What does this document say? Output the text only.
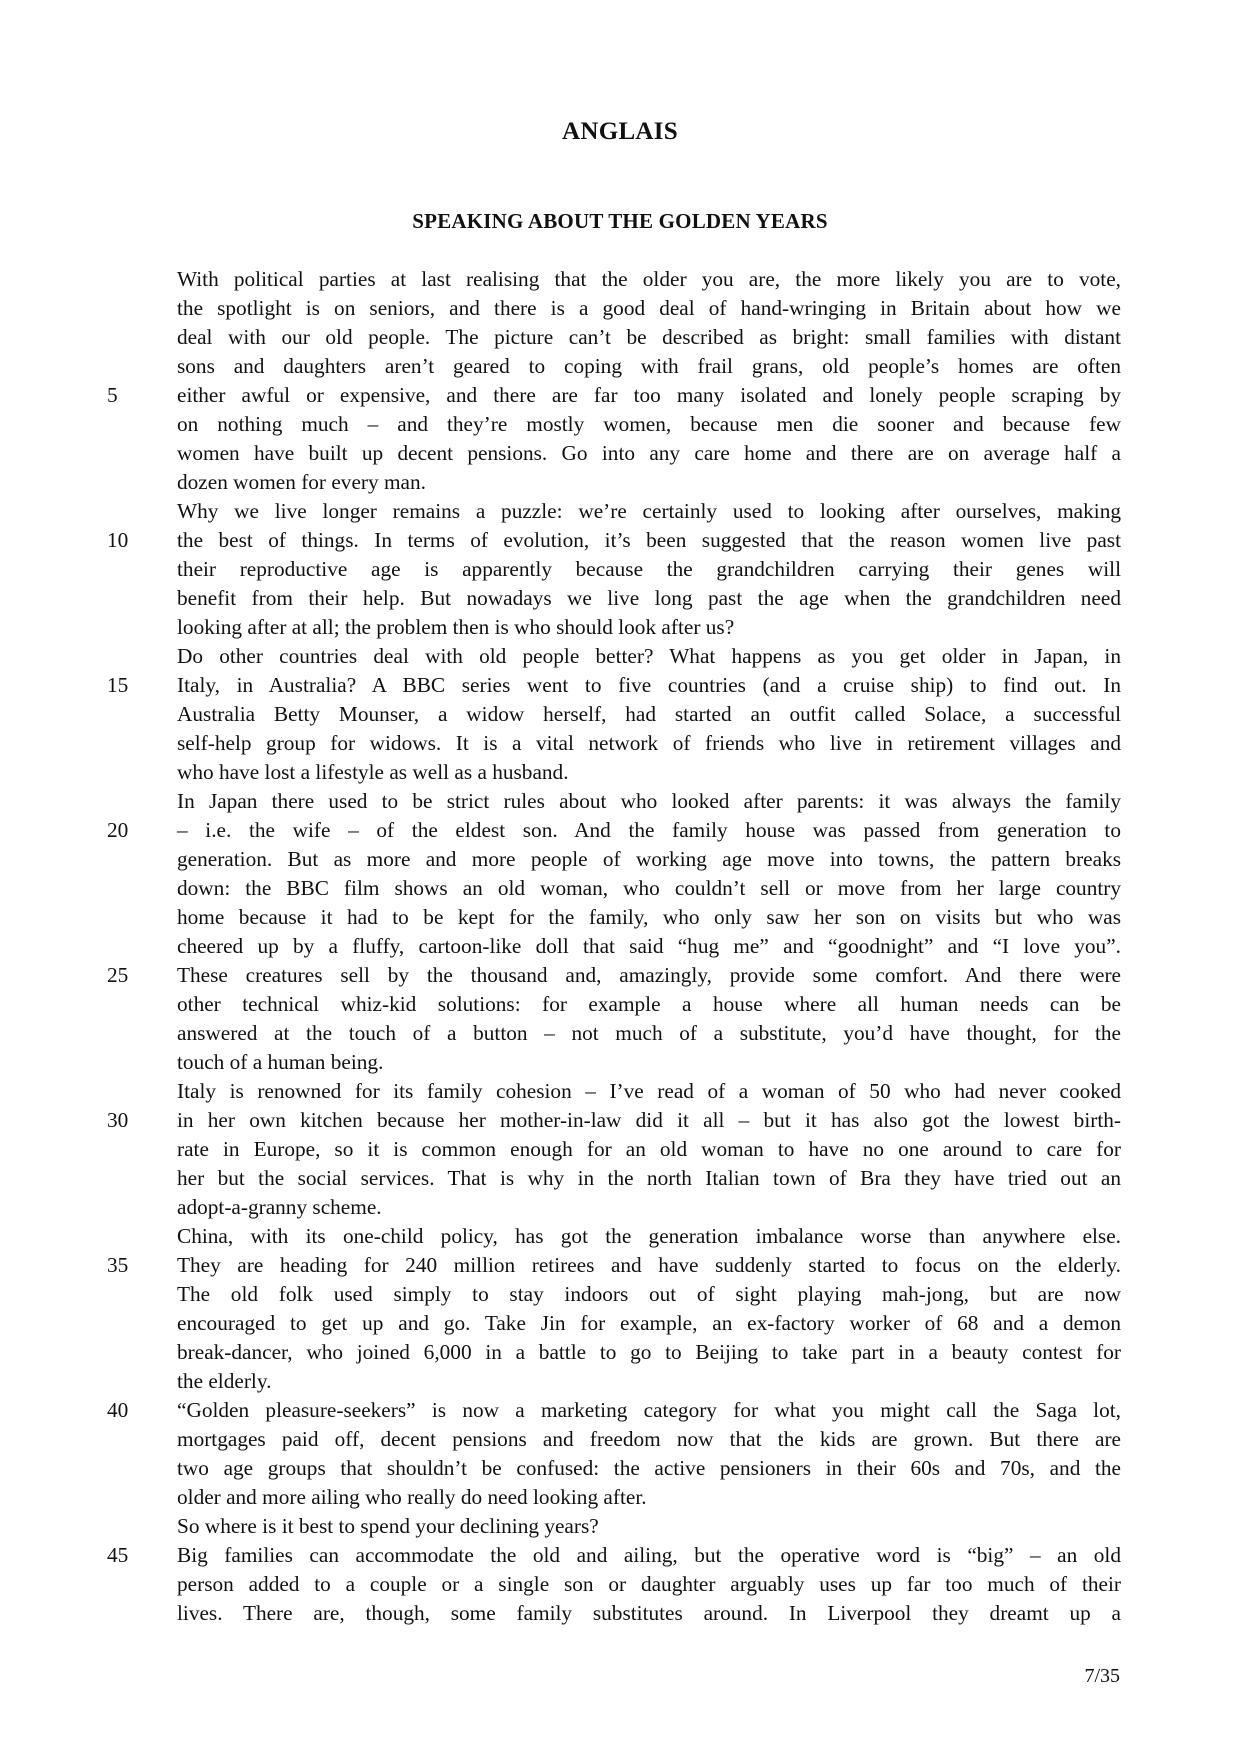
ANGLAIS
SPEAKING ABOUT THE GOLDEN YEARS
With political parties at last realising that the older you are, the more likely you are to vote,
the spotlight is on seniors, and there is a good deal of hand-wringing in Britain about how we
deal with our old people. The picture can’t be described as bright: small families with distant
sons and daughters aren’t geared to coping with frail grans, old people’s homes are often
5	either awful or expensive, and there are far too many isolated and lonely people scraping by
on nothing much – and they’re mostly women, because men die sooner and because few
women have built up decent pensions. Go into any care home and there are on average half a
dozen women for every man.
Why we live longer remains a puzzle: we’re certainly used to looking after ourselves, making
10	the best of things. In terms of evolution, it’s been suggested that the reason women live past
their reproductive age is apparently because the grandchildren carrying their genes will
benefit from their help. But nowadays we live long past the age when the grandchildren need
looking after at all; the problem then is who should look after us?
Do other countries deal with old people better? What happens as you get older in Japan, in
15	Italy, in Australia? A BBC series went to five countries (and a cruise ship) to find out. In
Australia Betty Mounser, a widow herself, had started an outfit called Solace, a successful
self-help group for widows. It is a vital network of friends who live in retirement villages and
who have lost a lifestyle as well as a husband.
In Japan there used to be strict rules about who looked after parents: it was always the family
20	– i.e. the wife – of the eldest son. And the family house was passed from generation to
generation. But as more and more people of working age move into towns, the pattern breaks
down: the BBC film shows an old woman, who couldn’t sell or move from her large country
home because it had to be kept for the family, who only saw her son on visits but who was
cheered up by a fluffy, cartoon-like doll that said “hug me” and “goodnight” and “I love you”.
25	These creatures sell by the thousand and, amazingly, provide some comfort. And there were
other technical whiz-kid solutions: for example a house where all human needs can be
answered at the touch of a button – not much of a substitute, you’d have thought, for the
touch of a human being.
Italy is renowned for its family cohesion – I’ve read of a woman of 50 who had never cooked
30	in her own kitchen because her mother-in-law did it all – but it has also got the lowest birth-
rate in Europe, so it is common enough for an old woman to have no one around to care for
her but the social services. That is why in the north Italian town of Bra they have tried out an
adopt-a-granny scheme.
China, with its one-child policy, has got the generation imbalance worse than anywhere else.
35	They are heading for 240 million retirees and have suddenly started to focus on the elderly.
The old folk used simply to stay indoors out of sight playing mah-jong, but are now
encouraged to get up and go. Take Jin for example, an ex-factory worker of 68 and a demon
break-dancer, who joined 6,000 in a battle to go to Beijing to take part in a beauty contest for
the elderly.
40	“Golden pleasure-seekers” is now a marketing category for what you might call the Saga lot,
mortgages paid off, decent pensions and freedom now that the kids are grown. But there are
two age groups that shouldn’t be confused: the active pensioners in their 60s and 70s, and the
older and more ailing who really do need looking after.
So where is it best to spend your declining years?
45	Big families can accommodate the old and ailing, but the operative word is “big” – an old
person added to a couple or a single son or daughter arguably uses up far too much of their
lives. There are, though, some family substitutes around. In Liverpool they dreamt up a
7/35
